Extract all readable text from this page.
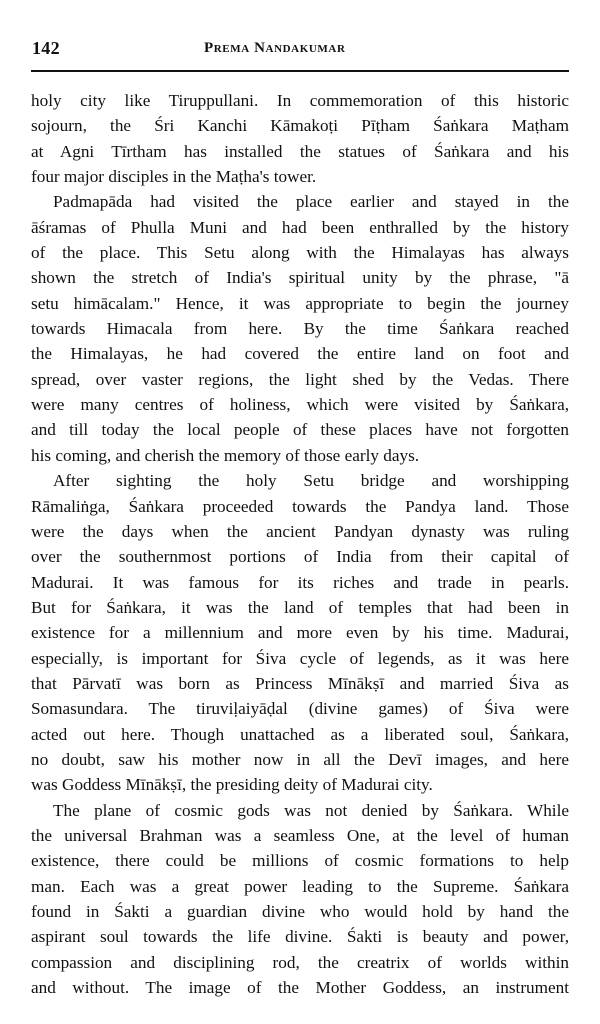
142	Prema Nandakumar
holy city like Tiruppullani. In commemoration of this historic
sojourn, the Śri Kanchi Kāmakoṭi Pīṭham Śaṅkara Maṭham
at Agni Tīrtham has installed the statues of Śaṅkara and his
four major disciples in the Maṭha's tower.
Padmapāda had visited the place earlier and stayed in the
āśramas of Phulla Muni and had been enthralled by the history
of the place. This Setu along with the Himalayas has always
shown the stretch of India's spiritual unity by the phrase, "ā
setu himācalam." Hence, it was appropriate to begin the journey
towards Himacala from here. By the time Śaṅkara reached
the Himalayas, he had covered the entire land on foot and
spread, over vaster regions, the light shed by the Vedas. There
were many centres of holiness, which were visited by Śaṅkara,
and till today the local people of these places have not forgotten
his coming, and cherish the memory of those early days.
After sighting the holy Setu bridge and worshipping
Rāmaliṅga, Śaṅkara proceeded towards the Pandya land. Those
were the days when the ancient Pandyan dynasty was ruling
over the southernmost portions of India from their capital of
Madurai. It was famous for its riches and trade in pearls.
But for Śaṅkara, it was the land of temples that had been in
existence for a millennium and more even by his time. Madurai,
especially, is important for Śiva cycle of legends, as it was here
that Pārvatī was born as Princess Mīnākṣī and married Śiva as
Somasundara. The tiruviḷaiyāḍal (divine games) of Śiva were
acted out here. Though unattached as a liberated soul, Śaṅkara,
no doubt, saw his mother now in all the Devī images, and here
was Goddess Mīnākṣī, the presiding deity of Madurai city.
The plane of cosmic gods was not denied by Śaṅkara. While
the universal Brahman was a seamless One, at the level of human
existence, there could be millions of cosmic formations to help
man. Each was a great power leading to the Supreme. Śaṅkara
found in Śakti a guardian divine who would hold by hand the
aspirant soul towards the life divine. Śakti is beauty and power,
compassion and disciplining rod, the creatrix of worlds within
and without. The image of the Mother Goddess, an instrument
